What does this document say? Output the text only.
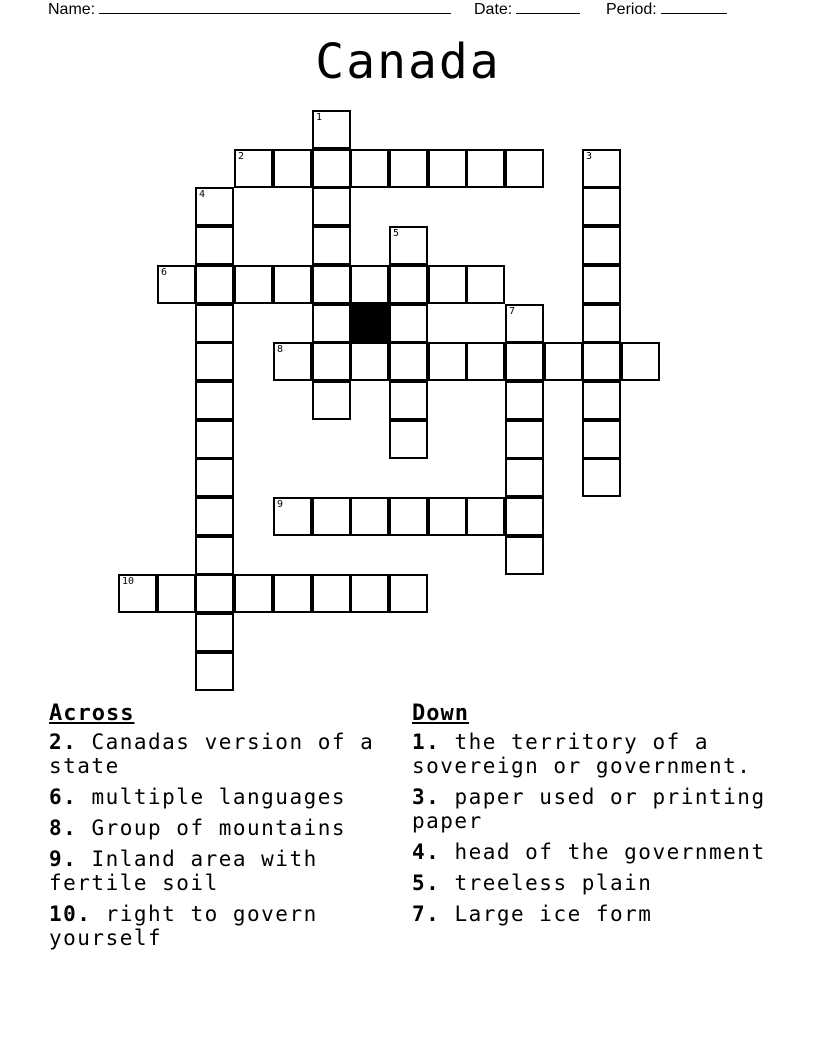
Name:	Date:	Period:
Canada
1
2	3
4
5
6
7
8
9
10
Across
2. Canadas version of a state
6. multiple languages
8. Group of mountains
9. Inland area with fertile soil
10. right to govern yourself
Down
1. the territory of a sovereign or government.
3. paper used or printing paper
4. head of the government
5. treeless plain
7. Large ice form
